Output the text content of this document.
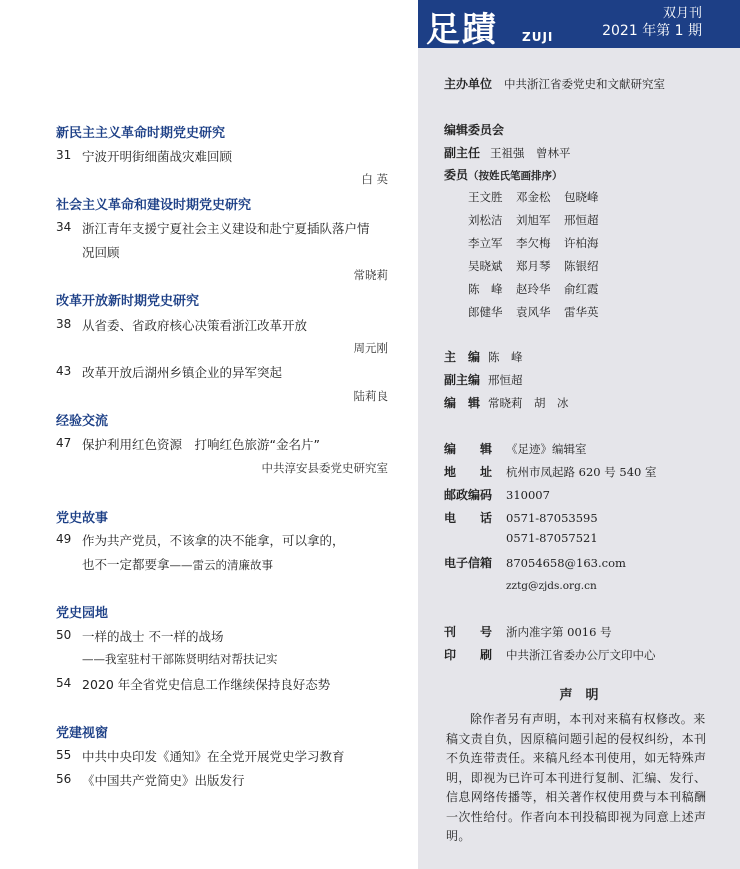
新民主主义革命时期党史研究
31 宁波开明街细菌战灾难回顾
白 英
社会主义革命和建设时期党史研究
34 浙江青年支援宁夏社会主义建设和赴宁夏插队落户情
况回顾
常晓莉
改革开放新时期党史研究
38 从省委、省政府核心决策看浙江改革开放
周元刚
43 改革开放后湖州乡镇企业的异军突起
陆莉良
经验交流
47 保护利用红色资源　打响红色旅游“金名片”
中共淳安县委党史研究室
党史故事
49 作为共产党员，不该拿的决不能拿，可以拿的，
也不一定都要拿——雷云的清廉故事
党史园地
50 一样的战士 不一样的战场
——我室驻村干部陈贤明结对帮扶记实
54 2020 年全省党史信息工作继续保持良好态势
党建视窗
55 中共中央印发《通知》在全党开展党史学习教育
56 《中国共产党简史》出版发行
足蹟 ZUJI
双月刊
2021 年第 1 期
主办单位 中共浙江省委党史和文献研究室
编辑委员会
副主任 王祖强　曾林平
委员（按姓氏笔画排序）
王文胜 邓金松 包晓峰
刘松洁 刘旭军 邢恒超
李立军 李欠梅 许柏海
吴晓斌 郑月琴 陈银绍
陈　峰 赵玲华 俞红霞
郎健华 袁风华 雷华英
主　编 陈　峰
副主编 邢恒超
编　辑 常晓莉　胡　冰
编　　辑 《足迹》编辑室
地　　址 杭州市凤起路 620 号 540 室
邮政编码 310007
电　　话 0571-87053595
0571-87057521
电子信箱 87054658@163.com
zztg@zjds.org.cn
刊　　号 浙内准字第 0016 号
印　　刷 中共浙江省委办公厅文印中心
声　明
除作者另有声明，本刊对来稿有权修改。来稿文责自负，因原稿问题引起的侵权纠纷，本刊不负连带责任。来稿凡经本刊使用，如无特殊声明，即视为已许可本刊进行复制、汇编、发行、信息网络传播等，相关著作权使用费与本刊稿酬一次性给付。作者向本刊投稿即视为同意上述声明。
